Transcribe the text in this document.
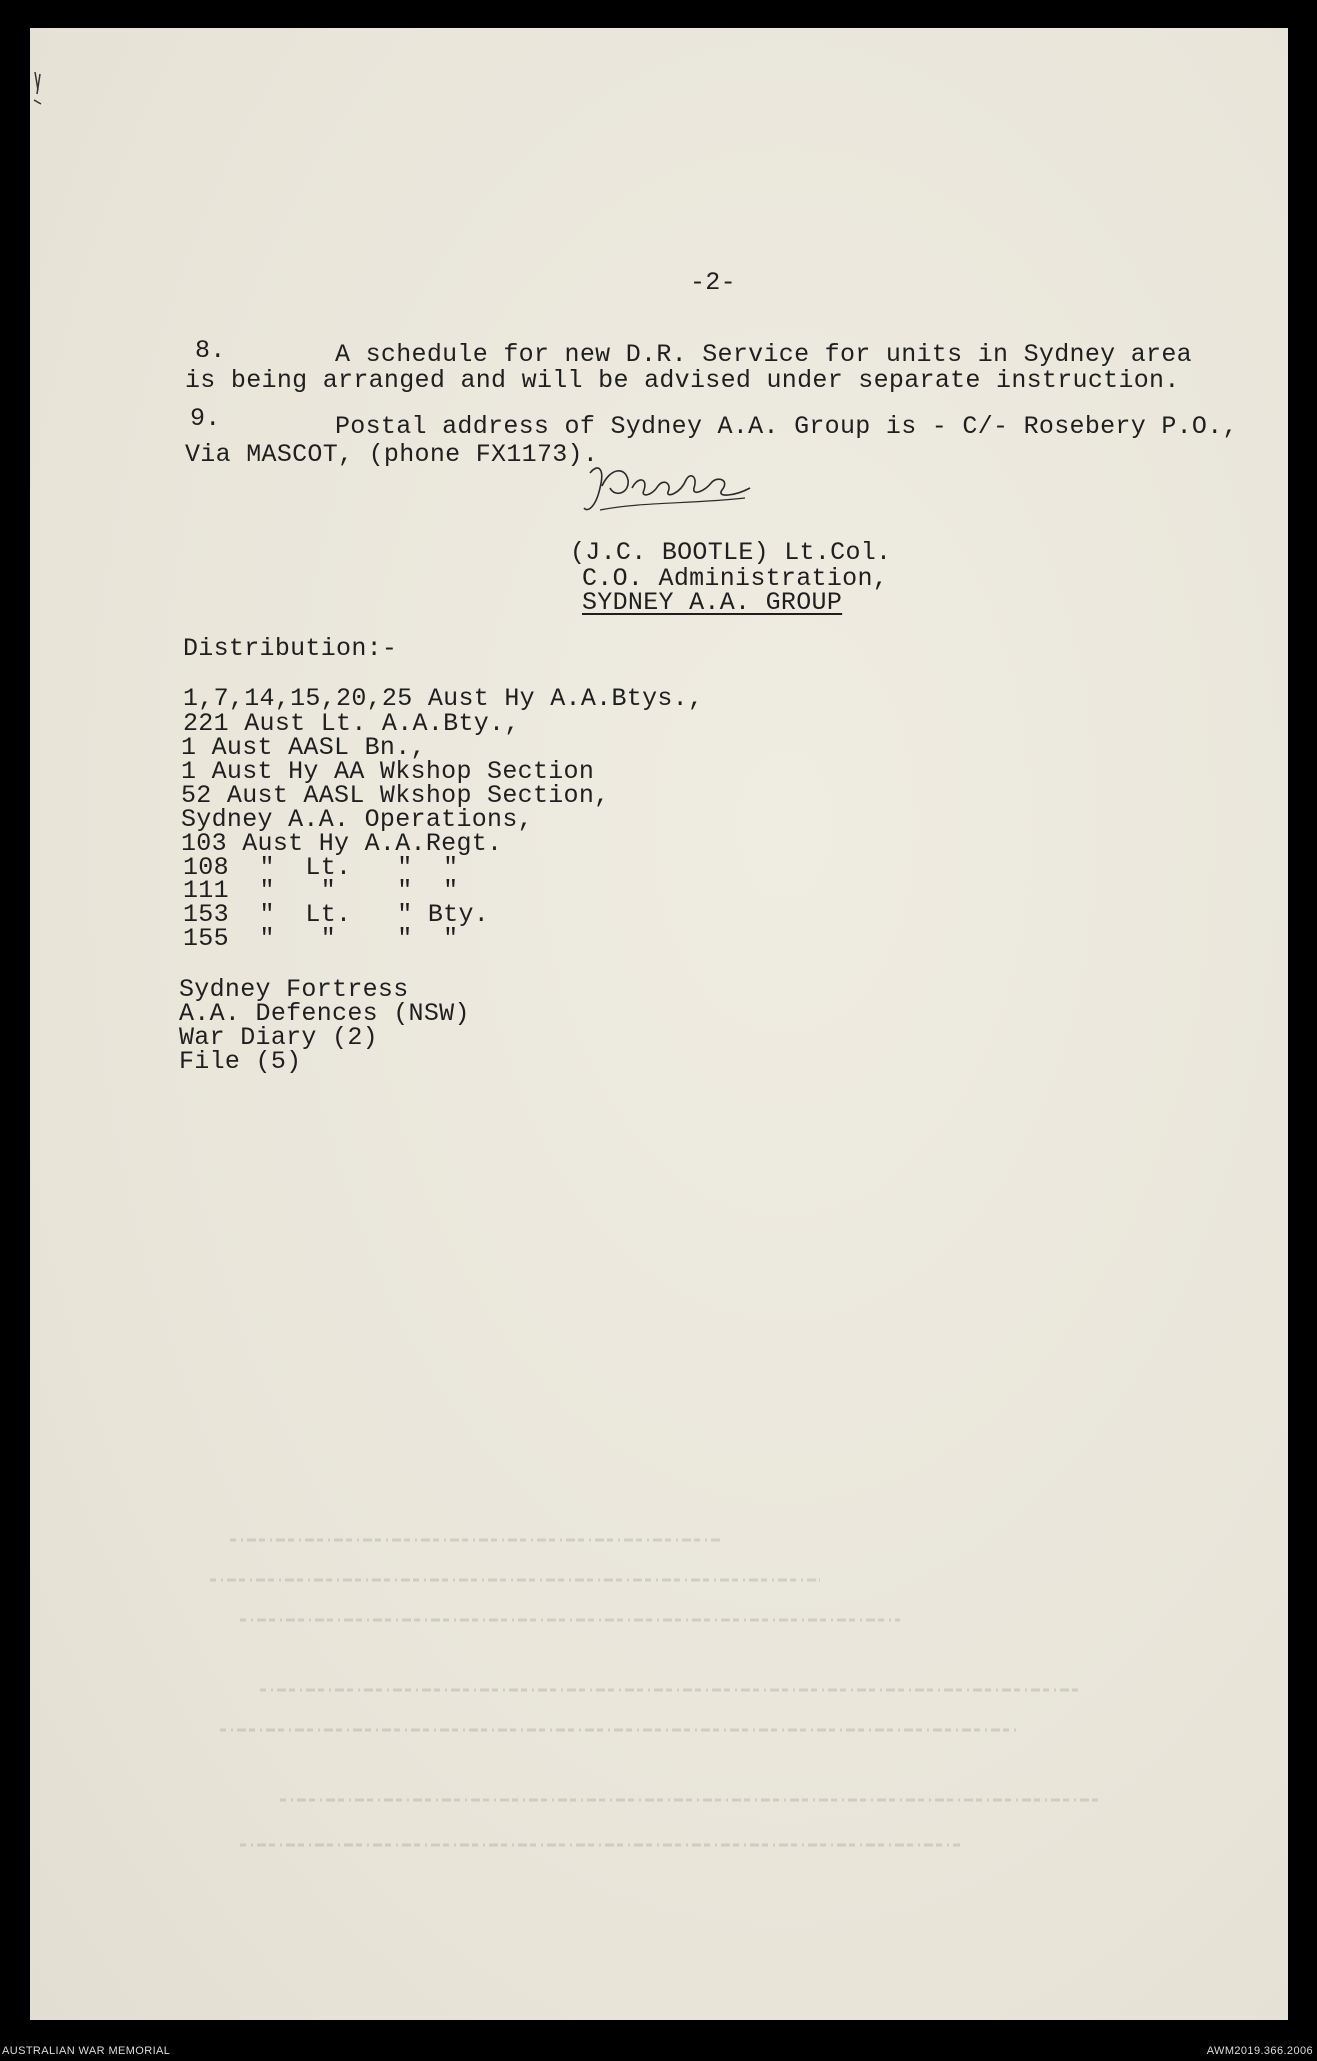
-2-
8.	A schedule for new D.R. Service for units in Sydney area
is being arranged and will be advised under separate instruction.
9.	Postal address of Sydney A.A. Group is - C/- Rosebery P.O.,
Via MASCOT, (phone FX1173).
(J.C. BOOTLE) Lt.Col.
C.O. Administration,
SYDNEY A.A. GROUP
Distribution:-
1,7,14,15,20,25 Aust Hy A.A.Btys.,
221 Aust Lt. A.A.Bty.,
1 Aust AASL Bn.,
1 Aust Hy AA Wkshop Section
52 Aust AASL Wkshop Section,
Sydney A.A. Operations,
103 Aust Hy A.A.Regt.
108  "  Lt.   "  "
111  "   "    "  "
153  "  Lt.   " Bty.
155  "   "    "  "
Sydney Fortress
A.A. Defences (NSW)
War Diary (2)
File (5)
AUSTRALIAN WAR MEMORIAL	AWM2019.366.2006
